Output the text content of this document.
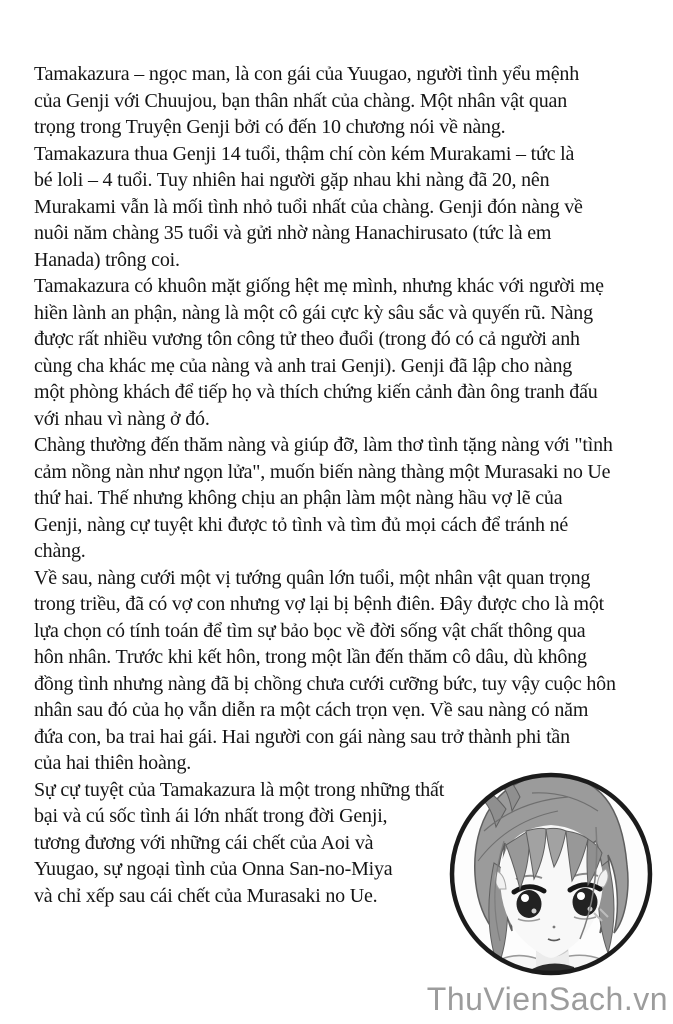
Tamakazura – ngọc man, là con gái của Yuugao, người tình yểu mệnh
của Genji với Chuujou, bạn thân nhất của chàng. Một nhân vật quan
trọng trong Truyện Genji bởi có đến 10 chương nói về nàng.
Tamakazura thua Genji 14 tuổi, thậm chí còn kém Murakami – tức là
bé loli – 4 tuổi. Tuy nhiên hai người gặp nhau khi nàng đã 20, nên
Murakami vẫn là mối tình nhỏ tuổi nhất của chàng. Genji đón nàng về
nuôi năm chàng 35 tuổi và gửi nhờ nàng Hanachirusato (tức là em
Hanada) trông coi.
Tamakazura có khuôn mặt giống hệt mẹ mình, nhưng khác với người mẹ
hiền lành an phận, nàng là một cô gái cực kỳ sâu sắc và quyến rũ. Nàng
được rất nhiều vương tôn công tử theo đuổi (trong đó có cả người anh
cùng cha khác mẹ của nàng và anh trai Genji). Genji đã lập cho nàng
một phòng khách để tiếp họ và thích chứng kiến cảnh đàn ông tranh đấu
với nhau vì nàng ở đó.
Chàng thường đến thăm nàng và giúp đỡ, làm thơ tình tặng nàng với "tình
cảm nồng nàn như ngọn lửa", muốn biến nàng thàng một Murasaki no Ue
thứ hai. Thế nhưng không chịu an phận làm một nàng hầu vợ lẽ của
Genji, nàng cự tuyệt khi được tỏ tình và tìm đủ mọi cách để tránh né
chàng.
Về sau, nàng cưới một vị tướng quân lớn tuổi, một nhân vật quan trọng
trong triều, đã có vợ con nhưng vợ lại bị bệnh điên. Đây được cho là một
lựa chọn có tính toán để tìm sự bảo bọc về đời sống vật chất thông qua
hôn nhân. Trước khi kết hôn, trong một lần đến thăm cô dâu, dù không
đồng tình nhưng nàng đã bị chồng chưa cưới cưỡng bức, tuy vậy cuộc hôn
nhân sau đó của họ vẫn diễn ra một cách trọn vẹn. Về sau nàng có năm
đứa con, ba trai hai gái. Hai người con gái nàng sau trở thành phi tần
của hai thiên hoàng.
Sự cự tuyệt của Tamakazura là một trong những thất
bại và cú sốc tình ái lớn nhất trong đời Genji,
tương đương với những cái chết của Aoi và
Yuugao, sự ngoại tình của Onna San-no-Miya
và chỉ xếp sau cái chết của Murasaki no Ue.
ThuVienSach.vn
